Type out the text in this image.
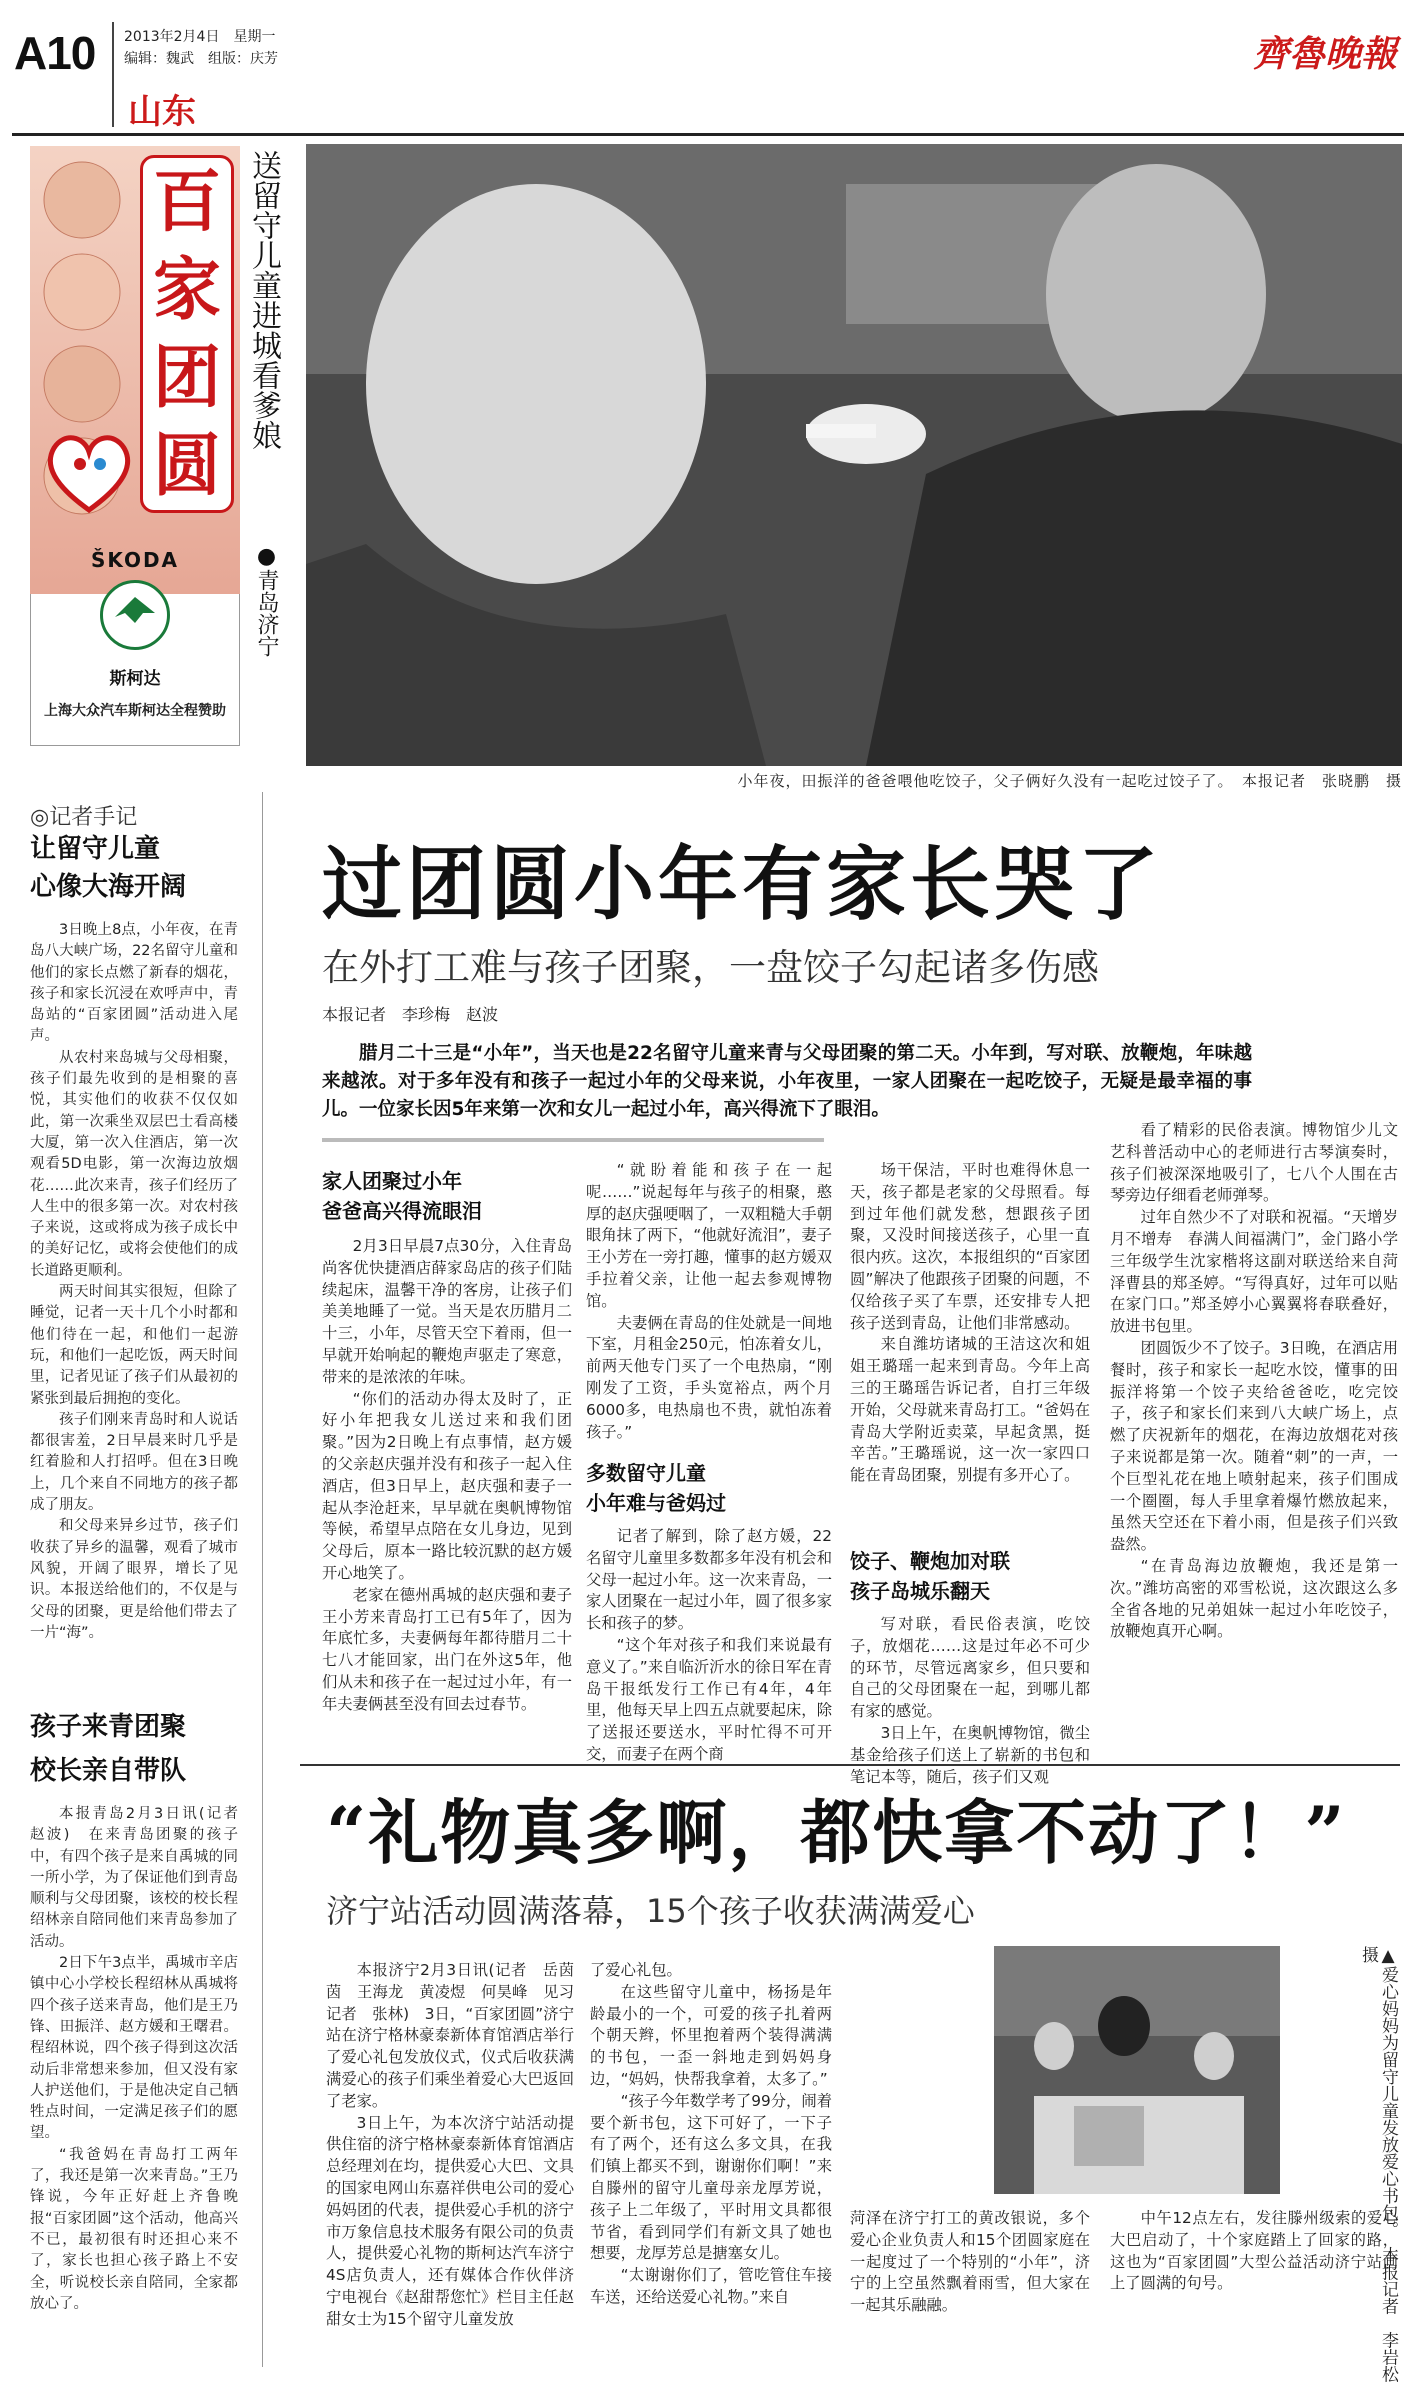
A10 2013年2月4日　星期一
编辑：魏武　组版：庆芳
山东
齊魯晚報
百家团圆
ŠKODA
斯柯达
上海大众汽车斯柯达全程赞助
送留守儿童进城看爹娘
●青岛济宁
小年夜，田振洋的爸爸喂他吃饺子，父子俩好久没有一起吃过饺子了。　本报记者　张晓鹏　摄
◎记者手记
让留守儿童
心像大海开阔

3日晚上8点，小年夜，在青岛八大峡广场，22名留守儿童和他们的家长点燃了新春的烟花，孩子和家长沉浸在欢呼声中，青岛站的“百家团圆”活动进入尾声。

从农村来岛城与父母相聚，孩子们最先收到的是相聚的喜悦，其实他们的收获不仅仅如此，第一次乘坐双层巴士看高楼大厦，第一次入住酒店，第一次观看5D电影，第一次海边放烟花……此次来青，孩子们经历了人生中的很多第一次。对农村孩子来说，这或将成为孩子成长中的美好记忆，或将会使他们的成长道路更顺利。

两天时间其实很短，但除了睡觉，记者一天十几个小时都和他们待在一起，和他们一起游玩，和他们一起吃饭，两天时间里，记者见证了孩子们从最初的紧张到最后拥抱的变化。

孩子们刚来青岛时和人说话都很害羞，2日早晨来时几乎是红着脸和人打招呼。但在3日晚上，几个来自不同地方的孩子都成了朋友。

和父母来异乡过节，孩子们收获了异乡的温馨，观看了城市风貌，开阔了眼界，增长了见识。本报送给他们的，不仅是与父母的团聚，更是给他们带去了一片“海”。

孩子来青团聚
校长亲自带队

本报青岛2月3日讯(记者　赵波)　在来青岛团聚的孩子中，有四个孩子是来自禹城的同一所小学，为了保证他们到青岛顺利与父母团聚，该校的校长程绍林亲自陪同他们来青岛参加了活动。

2日下午3点半，禹城市辛店镇中心小学校长程绍林从禹城将四个孩子送来青岛，他们是王乃锋、田振洋、赵方媛和王曙君。程绍林说，四个孩子得到这次活动后非常想来参加，但又没有家人护送他们，于是他决定自己牺牲点时间，一定满足孩子们的愿望。

“我爸妈在青岛打工两年了，我还是第一次来青岛。”王乃锋说，今年正好赶上齐鲁晚报“百家团圆”这个活动，他高兴不已，最初很有时还担心来不了，家长也担心孩子路上不安全，听说校长亲自陪同，全家都放心了。

过团圆小年有家长哭了
在外打工难与孩子团聚，一盘饺子勾起诸多伤感
本报记者　李珍梅　赵波
腊月二十三是“小年”，当天也是22名留守儿童来青与父母团聚的第二天。小年到，写对联、放鞭炮，年味越来越浓。对于多年没有和孩子一起过小年的父母来说，小年夜里，一家人团聚在一起吃饺子，无疑是最幸福的事儿。一位家长因5年来第一次和女儿一起过小年，高兴得流下了眼泪。
家人团聚过小年
爸爸高兴得流眼泪

2月3日早晨7点30分，入住青岛尚客优快捷酒店薛家岛店的孩子们陆续起床，温馨干净的客房，让孩子们美美地睡了一觉。当天是农历腊月二十三，小年，尽管天空下着雨，但一早就开始响起的鞭炮声驱走了寒意，带来的是浓浓的年味。

“你们的活动办得太及时了，正好小年把我女儿送过来和我们团聚。”因为2日晚上有点事情，赵方媛的父亲赵庆强并没有和孩子一起入住酒店，但3日早上，赵庆强和妻子一起从李沧赶来，早早就在奥帆博物馆等候，希望早点陪在女儿身边，见到父母后，原本一路比较沉默的赵方媛开心地笑了。

老家在德州禹城的赵庆强和妻子王小芳来青岛打工已有5年了，因为年底忙多，夫妻俩每年都待腊月二十七八才能回家，出门在外这5年，他们从未和孩子在一起过过小年，有一年夫妻俩甚至没有回去过春节。

“就盼着能和孩子在一起呢……”说起每年与孩子的相聚，憨厚的赵庆强哽咽了，一双粗糙大手朝眼角抹了两下，“他就好流泪”，妻子王小芳在一旁打趣，懂事的赵方媛双手拉着父亲，让他一起去参观博物馆。

夫妻俩在青岛的住处就是一间地下室，月租金250元，怕冻着女儿，前两天他专门买了一个电热扇，“刚刚发了工资，手头宽裕点，两个月6000多，电热扇也不贵，就怕冻着孩子。”

多数留守儿童
小年难与爸妈过

记者了解到，除了赵方媛，22名留守儿童里多数都多年没有机会和父母一起过小年。这一次来青岛，一家人团聚在一起过小年，圆了很多家长和孩子的梦。

“这个年对孩子和我们来说最有意义了。”来自临沂沂水的徐日军在青岛干报纸发行工作已有4年，4年里，他每天早上四五点就要起床，除了送报还要送水，平时忙得不可开交，而妻子在两个商

场干保洁，平时也难得休息一天，孩子都是老家的父母照看。每到过年他们就发愁，想跟孩子团聚，又没时间接送孩子，心里一直很内疚。这次，本报组织的“百家团圆”解决了他跟孩子团聚的问题，不仅给孩子买了车票，还安排专人把孩子送到青岛，让他们非常感动。

来自潍坊诸城的王洁这次和姐姐王璐瑶一起来到青岛。今年上高三的王璐瑶告诉记者，自打三年级开始，父母就来青岛打工。“爸妈在青岛大学附近卖菜，早起贪黑，挺辛苦。”王璐瑶说，这一次一家四口能在青岛团聚，别提有多开心了。

饺子、鞭炮加对联
孩子岛城乐翻天

写对联，看民俗表演，吃饺子，放烟花……这是过年必不可少的环节，尽管远离家乡，但只要和自己的父母团聚在一起，到哪儿都有家的感觉。

3日上午，在奥帆博物馆，微尘基金给孩子们送上了崭新的书包和笔记本等，随后，孩子们又观

看了精彩的民俗表演。博物馆少儿文艺科普活动中心的老师进行古琴演奏时，孩子们被深深地吸引了，七八个人围在古琴旁边仔细看老师弹琴。

过年自然少不了对联和祝福。“天增岁月不增寿　春满人间福满门”，金门路小学三年级学生沈家楷将这副对联送给来自菏泽曹县的郑圣婷。“写得真好，过年可以贴在家门口。”郑圣婷小心翼翼将春联叠好，放进书包里。

团圆饭少不了饺子。3日晚，在酒店用餐时，孩子和家长一起吃水饺，懂事的田振洋将第一个饺子夹给爸爸吃，吃完饺子，孩子和家长们来到八大峡广场上，点燃了庆祝新年的烟花，在海边放烟花对孩子来说都是第一次。随着“刺”的一声，一个巨型礼花在地上喷射起来，孩子们围成一个圈圈，每人手里拿着爆竹燃放起来，虽然天空还在下着小雨，但是孩子们兴致盎然。

“在青岛海边放鞭炮，我还是第一次。”潍坊高密的邓雪松说，这次跟这么多全省各地的兄弟姐妹一起过小年吃饺子，放鞭炮真开心啊。

“礼物真多啊，都快拿不动了！”
济宁站活动圆满落幕，15个孩子收获满满爱心

本报济宁2月3日讯(记者　岳茵茵　王海龙　黄凌煜　何昊峰　见习记者　张林)　3日，“百家团圆”济宁站在济宁格林豪泰新体育馆酒店举行了爱心礼包发放仪式，仪式后收获满满爱心的孩子们乘坐着爱心大巴返回了老家。

3日上午，为本次济宁站活动提供住宿的济宁格林豪泰新体育馆酒店总经理刘在均，提供爱心大巴、文具的国家电网山东嘉祥供电公司的爱心妈妈团的代表，提供爱心手机的济宁市万象信息技术服务有限公司的负责人，提供爱心礼物的斯柯达汽车济宁4S店负责人，还有媒体合作伙伴济宁电视台《赵甜帮您忙》栏目主任赵甜女士为15个留守儿童发放

了爱心礼包。

在这些留守儿童中，杨扬是年龄最小的一个，可爱的孩子扎着两个朝天辫，怀里抱着两个装得满满的书包，一歪一斜地走到妈妈身边，“妈妈，快帮我拿着，太多了。”

“孩子今年数学考了99分，闹着要个新书包，这下可好了，一下子有了两个，还有这么多文具，在我们镇上都买不到，谢谢你们啊！”来自滕州的留守儿童母亲龙厚芳说，孩子上二年级了，平时用文具都很节省，看到同学们有新文具了她也想要，龙厚芳总是搪塞女儿。

“太谢谢你们了，管吃管住车接车送，还给送爱心礼物。”来自

▲爱心妈妈为留守儿童发放爱心书包。　本报记者　李岩松　摄

菏泽在济宁打工的黄改银说，多个爱心企业负责人和15个团圆家庭在一起度过了一个特别的“小年”，济宁的上空虽然飘着雨雪，但大家在一起其乐融融。

中午12点左右，发往滕州级索的爱心大巴启动了，十个家庭踏上了回家的路，这也为“百家团圆”大型公益活动济宁站画上了圆满的句号。
